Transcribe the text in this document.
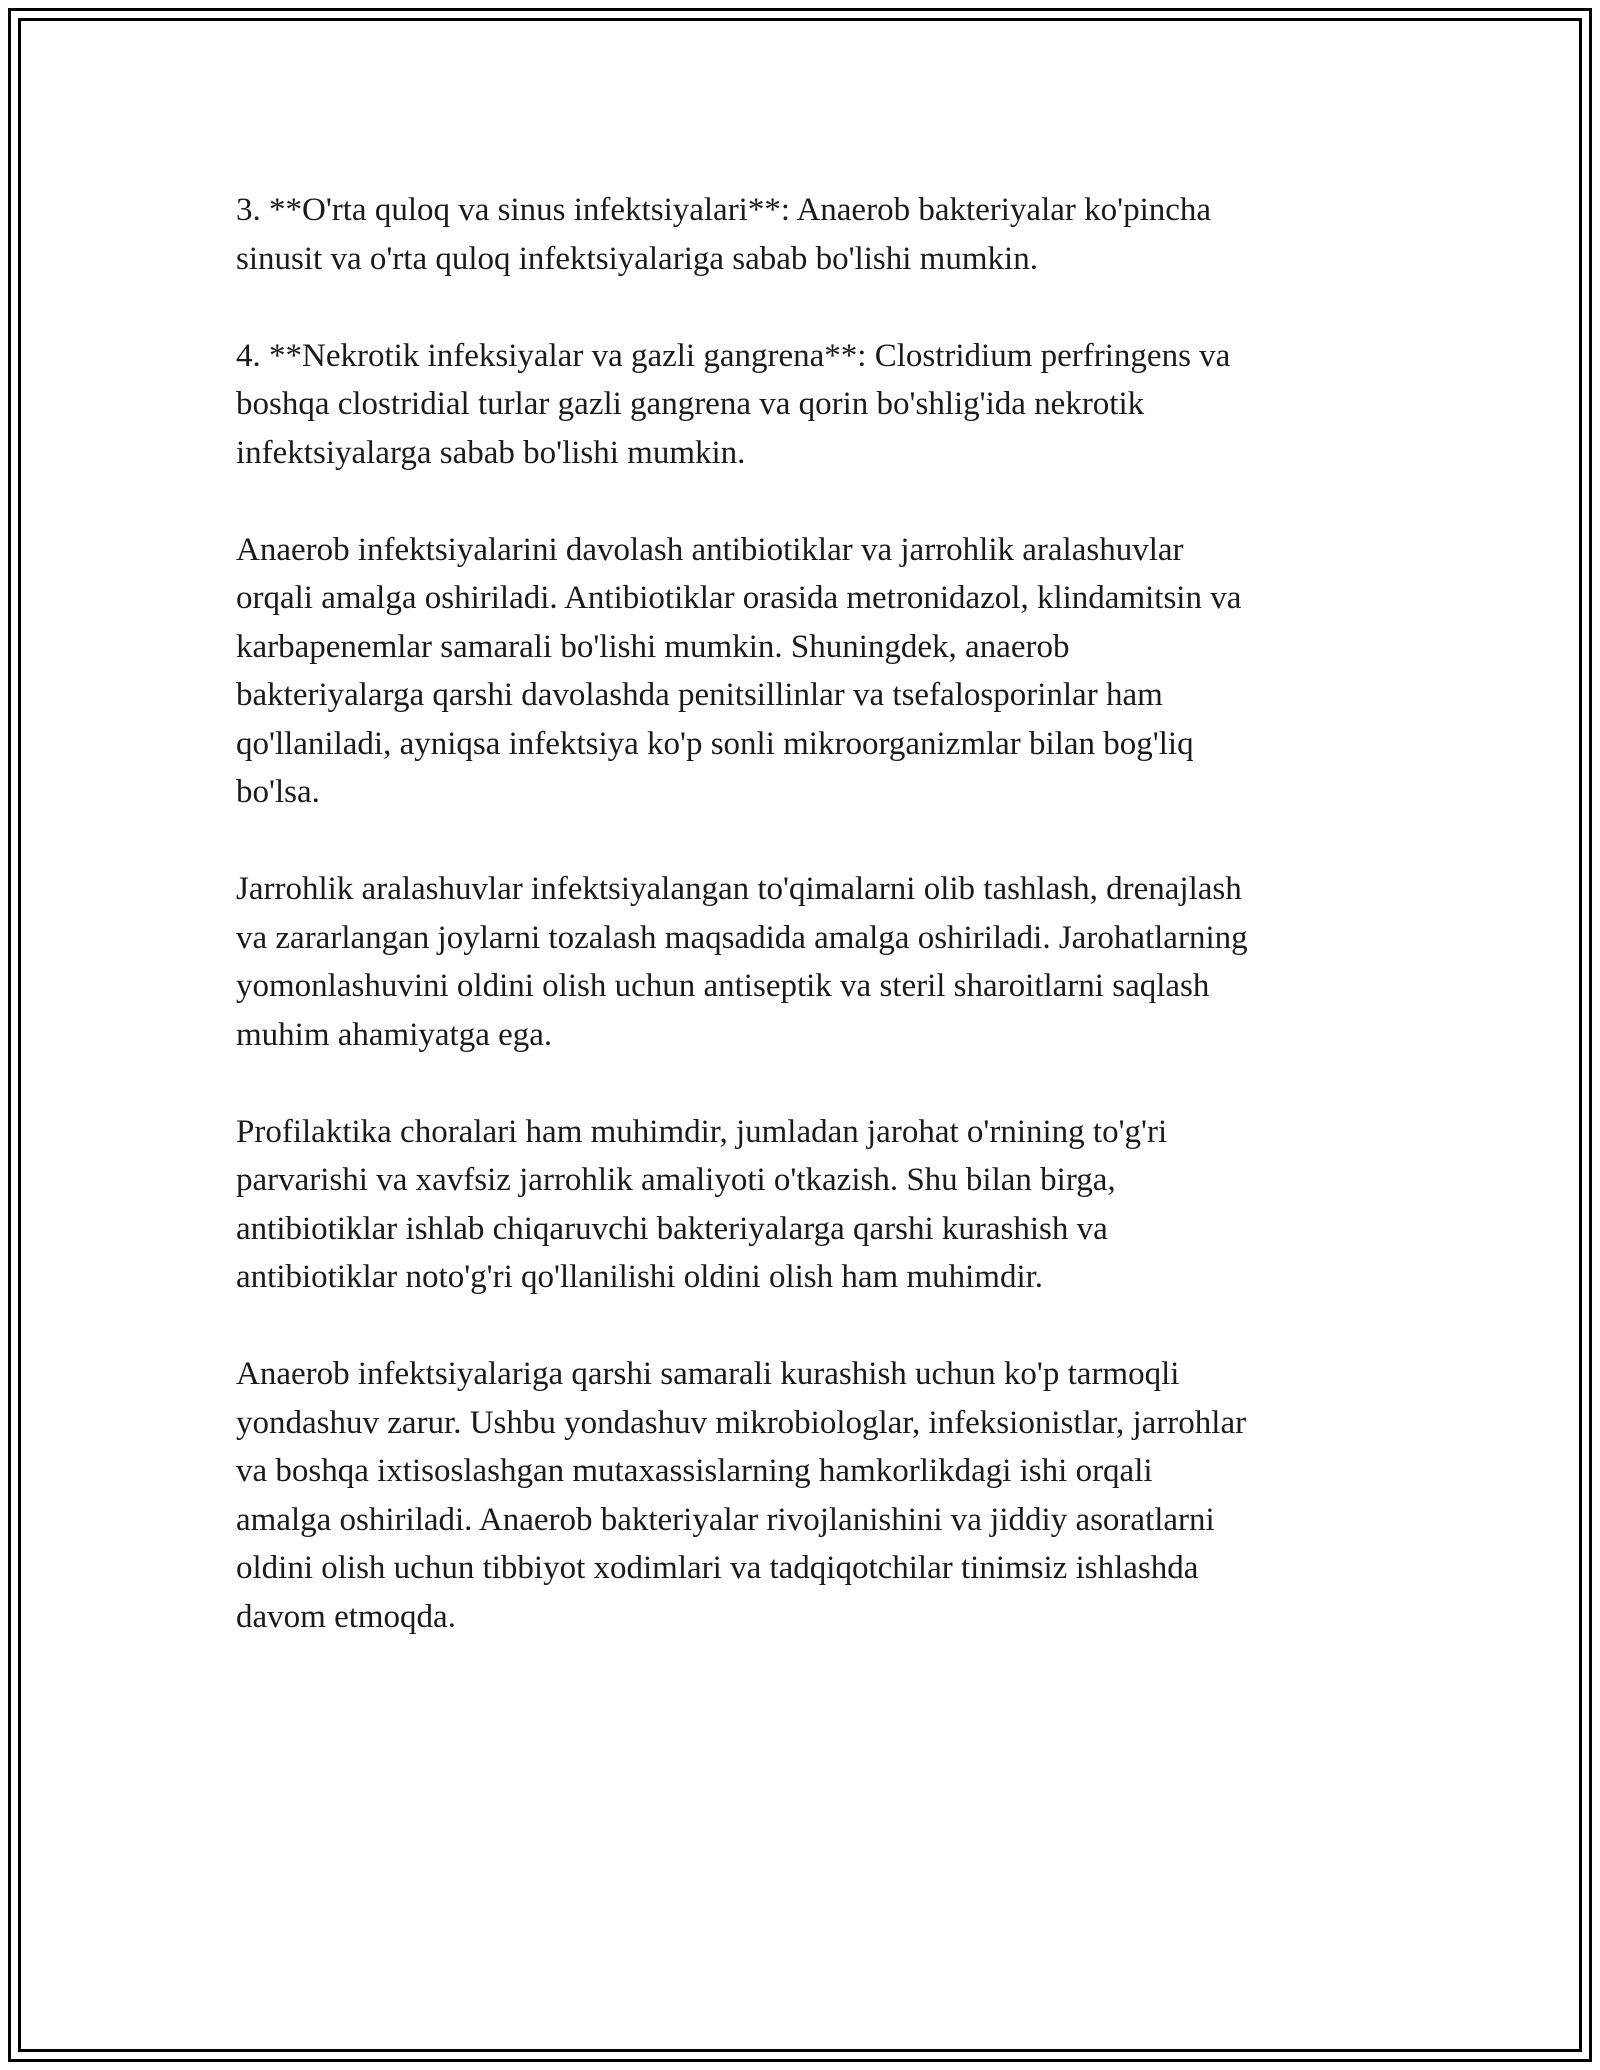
3. **O'rta quloq va sinus infektsiyalari**: Anaerob bakteriyalar ko'pincha
sinusit va o'rta quloq infektsiyalariga sabab bo'lishi mumkin.

4. **Nekrotik infeksiyalar va gazli gangrena**: Clostridium perfringens va
boshqa clostridial turlar gazli gangrena va qorin bo'shlig'ida nekrotik
infektsiyalarga sabab bo'lishi mumkin.

Anaerob infektsiyalarini davolash antibiotiklar va jarrohlik aralashuvlar
orqali amalga oshiriladi. Antibiotiklar orasida metronidazol, klindamitsin va
karbapenemlar samarali bo'lishi mumkin. Shuningdek, anaerob
bakteriyalarga qarshi davolashda penitsillinlar va tsefalosporinlar ham
qo'llaniladi, ayniqsa infektsiya ko'p sonli mikroorganizmlar bilan bog'liq
bo'lsa.

Jarrohlik aralashuvlar infektsiyalangan to'qimalarni olib tashlash, drenajlash
va zararlangan joylarni tozalash maqsadida amalga oshiriladi. Jarohatlarning
yomonlashuvini oldini olish uchun antiseptik va steril sharoitlarni saqlash
muhim ahamiyatga ega.

Profilaktika choralari ham muhimdir, jumladan jarohat o'rnining to'g'ri
parvarishi va xavfsiz jarrohlik amaliyoti o'tkazish. Shu bilan birga,
antibiotiklar ishlab chiqaruvchi bakteriyalarga qarshi kurashish va
antibiotiklar noto'g'ri qo'llanilishi oldini olish ham muhimdir.

Anaerob infektsiyalariga qarshi samarali kurashish uchun ko'p tarmoqli
yondashuv zarur. Ushbu yondashuv mikrobiologlar, infeksionistlar, jarrohlar
va boshqa ixtisoslashgan mutaxassislarning hamkorlikdagi ishi orqali
amalga oshiriladi. Anaerob bakteriyalar rivojlanishini va jiddiy asoratlarni
oldini olish uchun tibbiyot xodimlari va tadqiqotchilar tinimsiz ishlashda
davom etmoqda.
